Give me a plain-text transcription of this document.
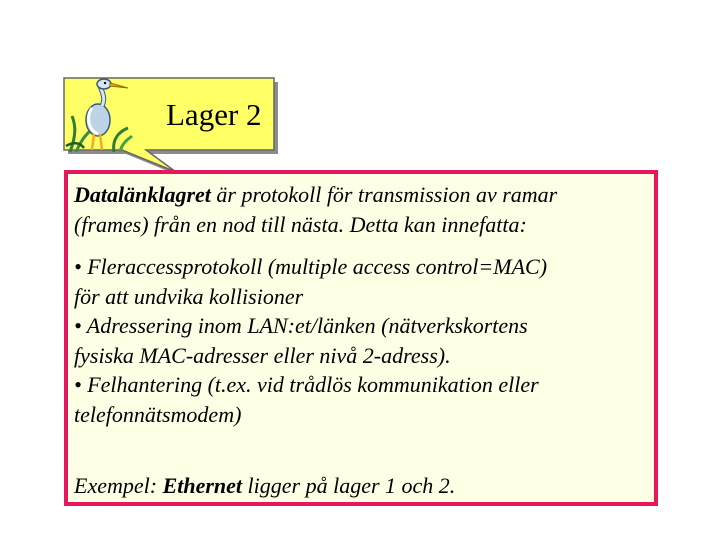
Lager 2
Datalänklagret är protokoll för transmission av ramar
(frames) från en nod till nästa. Detta kan innefatta:
• Fleraccessprotokoll (multiple access control=MAC)
för att undvika kollisioner
• Adressering inom LAN:et/länken (nätverkskortens
fysiska MAC-adresser eller nivå 2-adress).
• Felhantering (t.ex. vid trådlös kommunikation eller
telefonnätsmodem)
Exempel: Ethernet ligger på lager 1 och 2.
